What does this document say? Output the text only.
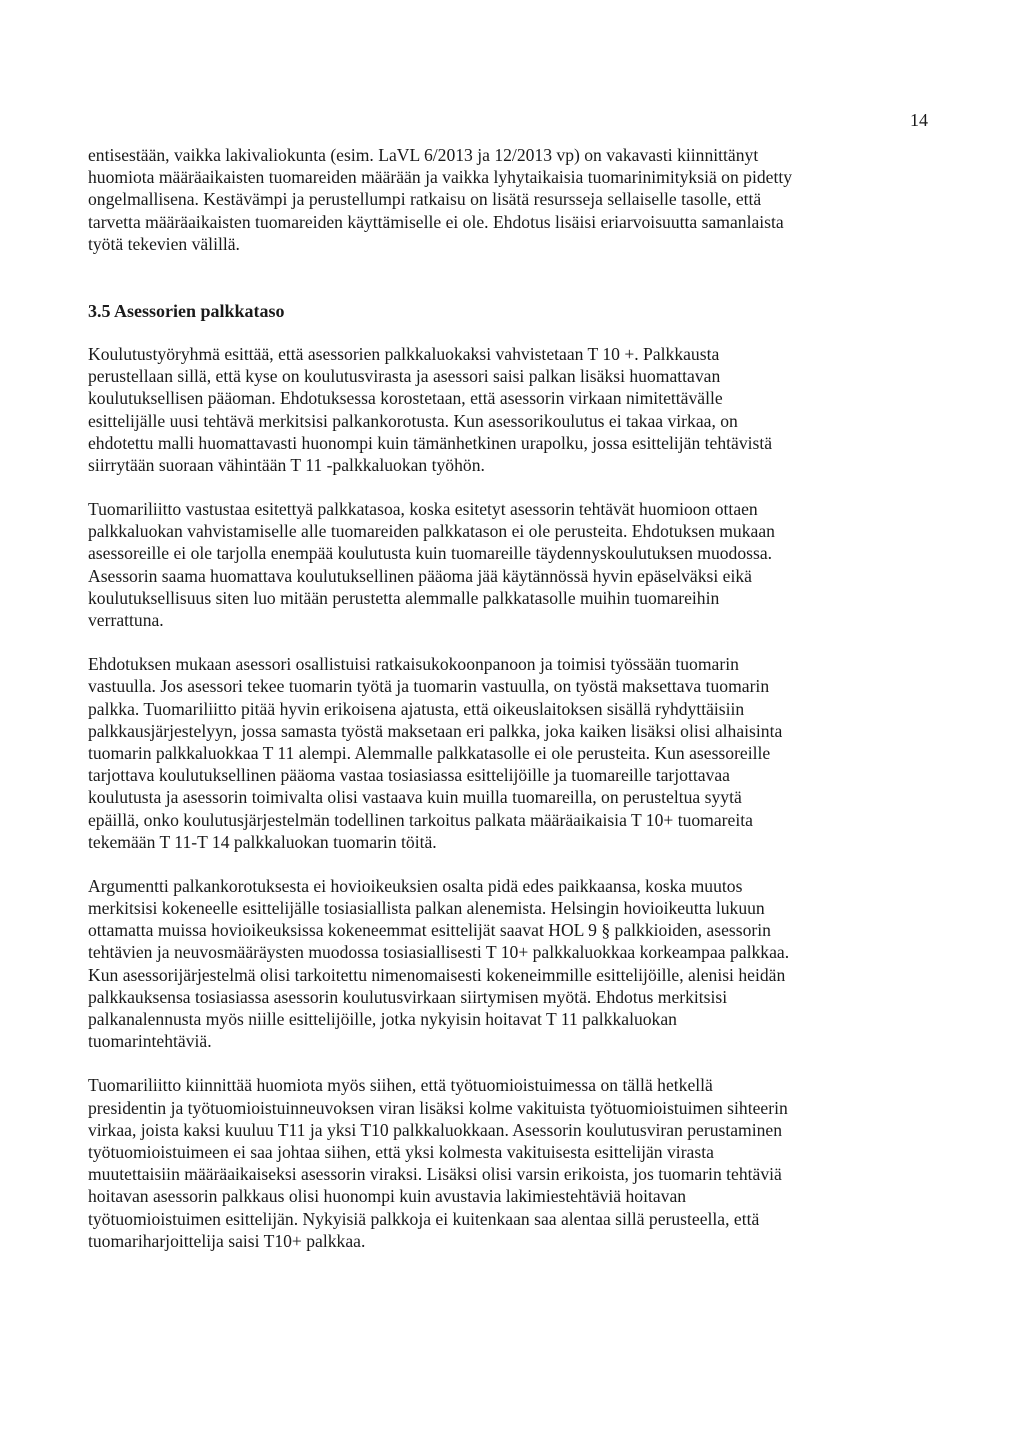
14

entisestään, vaikka lakivaliokunta (esim. LaVL 6/2013 ja 12/2013 vp) on vakavasti kiinnittänyt
huomiota määräaikaisten tuomareiden määrään ja vaikka lyhytaikaisia tuomarinimityksiä on pidetty
ongelmallisena. Kestävämpi ja perustellumpi ratkaisu on lisätä resursseja sellaiselle tasolle, että
tarvetta määräaikaisten tuomareiden käyttämiselle ei ole. Ehdotus lisäisi eriarvoisuutta samanlaista
työtä tekevien välillä.

3.5 Asessorien palkkataso

Koulutustyöryhmä esittää, että asessorien palkkaluokaksi vahvistetaan T 10 +. Palkkausta
perustellaan sillä, että kyse on koulutusvirasta ja asessori saisi palkan lisäksi huomattavan
koulutuksellisen pääoman. Ehdotuksessa korostetaan, että asessorin virkaan nimitettävälle
esittelijälle uusi tehtävä merkitsisi palkankorotusta. Kun asessorikoulutus ei takaa virkaa, on
ehdotettu malli huomattavasti huonompi kuin tämänhetkinen urapolku, jossa esittelijän tehtävistä
siirrytään suoraan vähintään T 11 -palkkaluokan työhön.

Tuomariliitto vastustaa esitettyä palkkatasoa, koska esitetyt asessorin tehtävät huomioon ottaen
palkkaluokan vahvistamiselle alle tuomareiden palkkatason ei ole perusteita. Ehdotuksen mukaan
asessoreille ei ole tarjolla enempää koulutusta kuin tuomareille täydennyskoulutuksen muodossa.
Asessorin saama huomattava koulutuksellinen pääoma jää käytännössä hyvin epäselväksi eikä
koulutuksellisuus siten luo mitään perustetta alemmalle palkkatasolle muihin tuomareihin
verrattuna.

Ehdotuksen mukaan asessori osallistuisi ratkaisukokoonpanoon ja toimisi työssään tuomarin
vastuulla. Jos asessori tekee tuomarin työtä ja tuomarin vastuulla, on työstä maksettava tuomarin
palkka. Tuomariliitto pitää hyvin erikoisena ajatusta, että oikeuslaitoksen sisällä ryhdyttäisiin
palkkausjärjestelyyn, jossa samasta työstä maksetaan eri palkka, joka kaiken lisäksi olisi alhaisinta
tuomarin palkkaluokkaa T 11 alempi. Alemmalle palkkatasolle ei ole perusteita. Kun asessoreille
tarjottava koulutuksellinen pääoma vastaa tosiasiassa esittelijöille ja tuomareille tarjottavaa
koulutusta ja asessorin toimivalta olisi vastaava kuin muilla tuomareilla, on perusteltua syytä
epäillä, onko koulutusjärjestelmän todellinen tarkoitus palkata määräaikaisia T 10+ tuomareita
tekemään T 11-T 14 palkkaluokan tuomarin töitä.

Argumentti palkankorotuksesta ei hovioikeuksien osalta pidä edes paikkaansa, koska muutos
merkitsisi kokeneelle esittelijälle tosiasiallista palkan alenemista. Helsingin hovioikeutta lukuun
ottamatta muissa hovioikeuksissa kokeneemmat esittelijät saavat HOL 9 § palkkioiden, asessorin
tehtävien ja neuvosmääräysten muodossa tosiasiallisesti T 10+ palkkaluokkaa korkeampaa palkkaa.
Kun asessorijärjestelmä olisi tarkoitettu nimenomaisesti kokeneimmille esittelijöille, alenisi heidän
palkkauksensa tosiasiassa asessorin koulutusvirkaan siirtymisen myötä. Ehdotus merkitsisi
palkanalennusta myös niille esittelijöille, jotka nykyisin hoitavat T 11 palkkaluokan
tuomarintehtäviä.

Tuomariliitto kiinnittää huomiota myös siihen, että työtuomioistuimessa on tällä hetkellä
presidentin ja työtuomioistuinneuvoksen viran lisäksi kolme vakituista työtuomioistuimen sihteerin
virkaa, joista kaksi kuuluu T11 ja yksi T10 palkkaluokkaan. Asessorin koulutusviran perustaminen
työtuomioistuimeen ei saa johtaa siihen, että yksi kolmesta vakituisesta esittelijän virasta
muutettaisiin määräaikaiseksi asessorin viraksi. Lisäksi olisi varsin erikoista, jos tuomarin tehtäviä
hoitavan asessorin palkkaus olisi huonompi kuin avustavia lakimiestehtäviä hoitavan
työtuomioistuimen esittelijän. Nykyisiä palkkoja ei kuitenkaan saa alentaa sillä perusteella, että
tuomariharjoittelija saisi T10+ palkkaa.
